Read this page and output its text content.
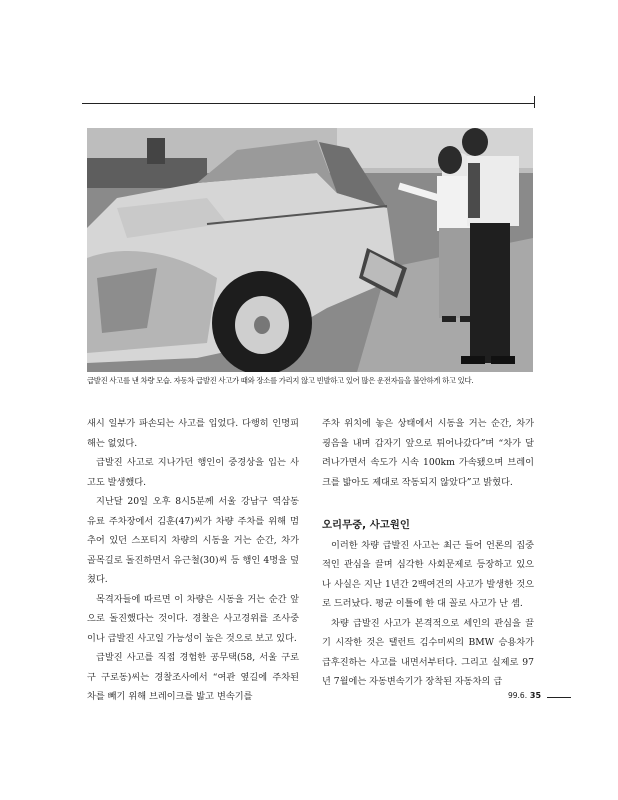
급발진 사고를 낸 차량 모습. 자동차 급발진 사고가 때와 장소를 가리지 않고 빈발하고 있어 많은 운전자들을 불안하게 하고 있다.

새시 일부가 파손되는 사고를 입었다. 다행히 인명피해는 없었다.

급발진 사고로 지나가던 행인이 중경상을 입는 사고도 발생했다.

지난달 20일 오후 8시5분께 서울 강남구 역삼동 유료 주차장에서 김훈(47)씨가 차량 주차를 위해 멈추어 있던 스포티지 차량의 시동을 거는 순간, 차가 골목길로 돌진하면서 유근철(30)씨 등 행인 4명을 덮쳤다.

목격자들에 따르면 이 차량은 시동을 거는 순간 앞으로 돌진했다는 것이다. 경찰은 사고경위를 조사중이나 급발진 사고일 가능성이 높은 것으로 보고 있다.

급발진 사고를 직접 경험한 공무택(58, 서울 구로구 구로동)씨는 경찰조사에서 “여관 옆길에 주차된 차를 빼기 위해 브레이크를 밟고 변속기를

주차 위치에 놓은 상태에서 시동을 거는 순간, 차가 굉음을 내며 갑자기 앞으로 튀어나갔다”며 “차가 달려나가면서 속도가 시속 100km 가속됐으며 브레이크를 밟아도 제대로 작동되지 않았다”고 밝혔다.

오리무중, 사고원인

이러한 차량 급발진 사고는 최근 들어 언론의 집중적인 관심을 끌며 심각한 사회문제로 등장하고 있으나 사실은 지난 1년간 2백여건의 사고가 발생한 것으로 드러났다. 평균 이틀에 한 대 꼴로 사고가 난 셈.

차량 급발진 사고가 본격적으로 세인의 관심을 끌기 시작한 것은 탤런트 김수미씨의 BMW 승용차가 급후진하는 사고를 내면서부터다. 그리고 실제로 97년 7월에는 자동변속기가 장착된 자동차의 급

99.6. 35
